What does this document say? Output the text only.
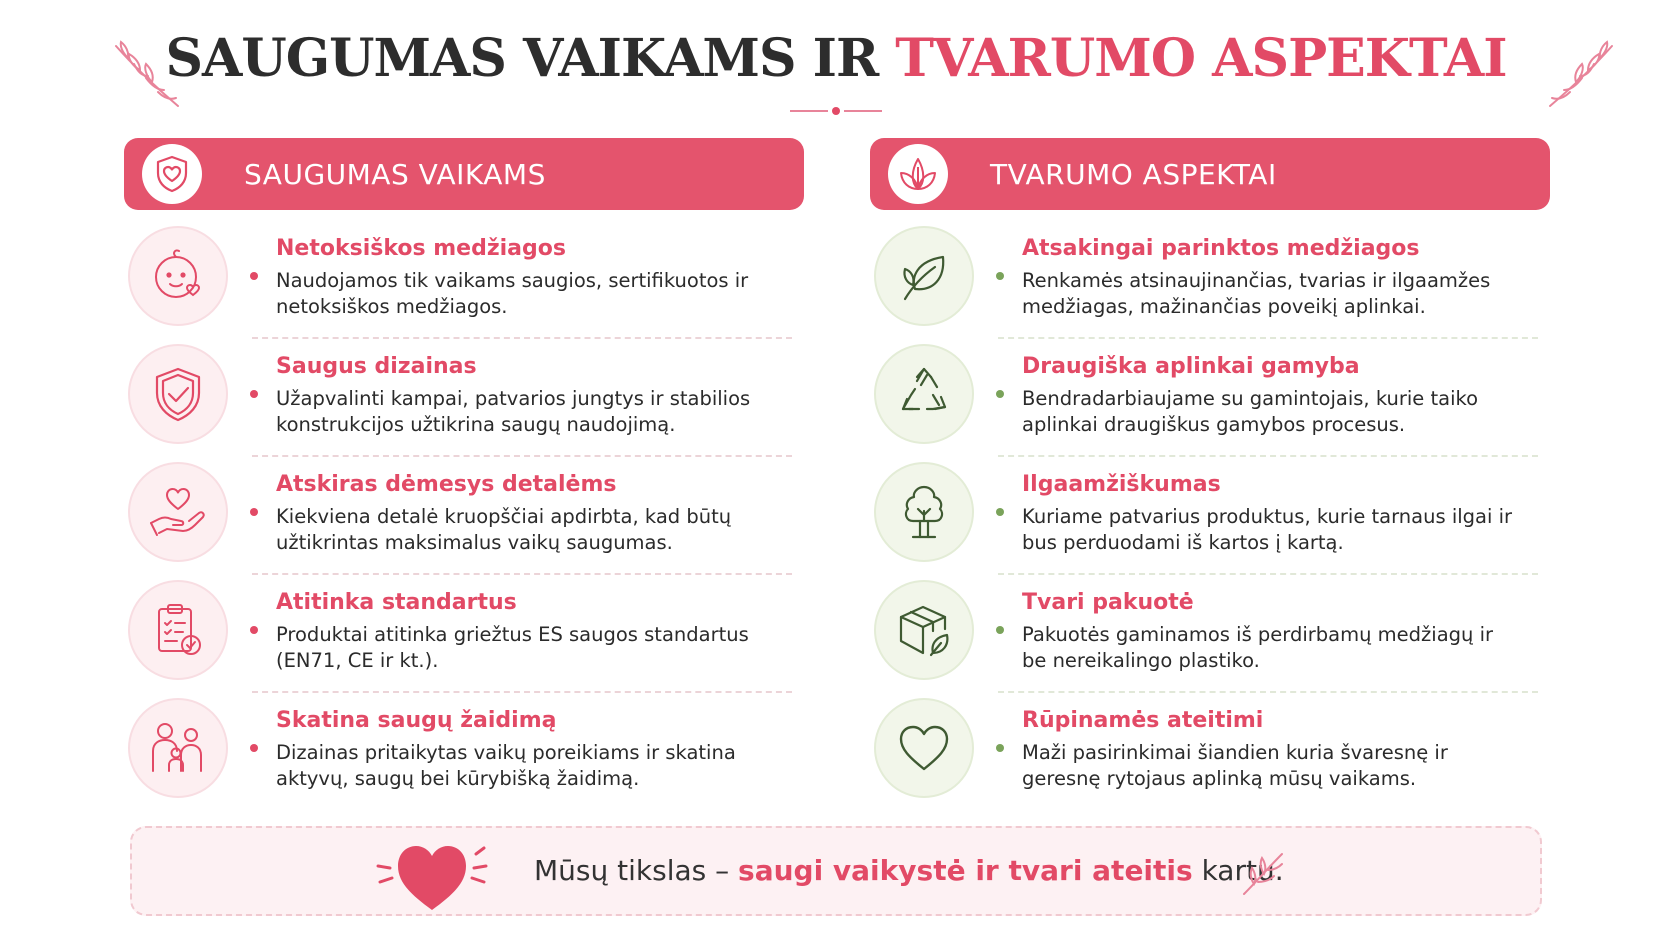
SAUGUMAS VAIKAMS IR TVARUMO ASPEKTAI
SAUGUMAS VAIKAMS	TVARUMO ASPEKTAI
Netoksiškos medžiagos
Naudojamos tik vaikams saugios, sertifikuotos ir netoksiškos medžiagos.
Saugus dizainas
Užapvalinti kampai, patvarios jungtys ir stabilios konstrukcijos užtikrina saugų naudojimą.
Atskiras dėmesys detalėms
Kiekviena detalė kruopščiai apdirbta, kad būtų užtikrintas maksimalus vaikų saugumas.
Atitinka standartus
Produktai atitinka griežtus ES saugos standartus (EN71, CE ir kt.).
Skatina saugų žaidimą
Dizainas pritaikytas vaikų poreikiams ir skatina aktyvų, saugų bei kūrybišką žaidimą.
Atsakingai parinktos medžiagos
Renkamės atsinaujinančias, tvarias ir ilgaamžes medžiagas, mažinančias poveikį aplinkai.
Draugiška aplinkai gamyba
Bendradarbiaujame su gamintojais, kurie taiko aplinkai draugiškus gamybos procesus.
Ilgaamžiškumas
Kuriame patvarius produktus, kurie tarnaus ilgai ir bus perduodami iš kartos į kartą.
Tvari pakuotė
Pakuotės gaminamos iš perdirbamų medžiagų ir be nereikalingo plastiko.
Rūpinamės ateitimi
Maži pasirinkimai šiandien kuria švaresnę ir geresnę rytojaus aplinką mūsų vaikams.
Mūsų tikslas – saugi vaikystė ir tvari ateitis kartu.
